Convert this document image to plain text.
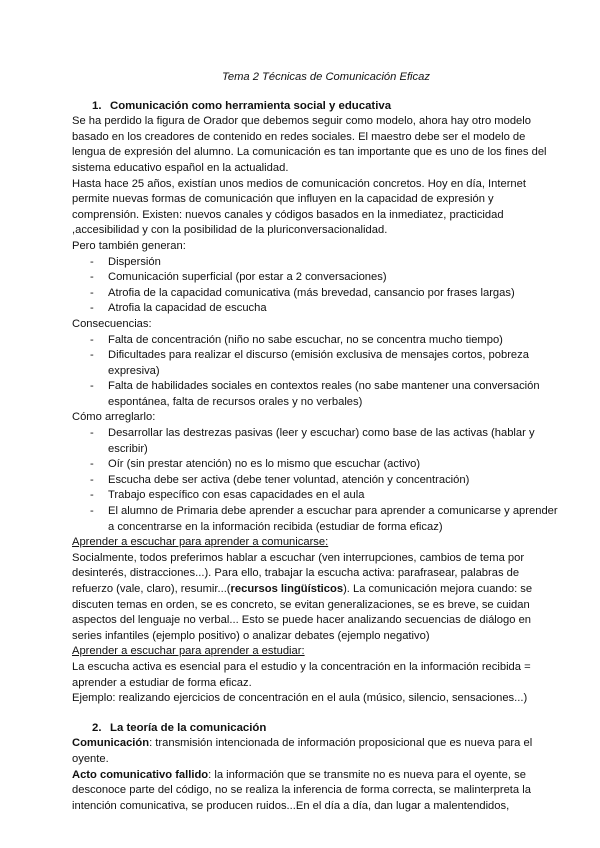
Tema 2 Técnicas de Comunicación Eficaz
1. Comunicación como herramienta social y educativa

Se ha perdido la figura de Orador que debemos seguir como modelo, ahora hay otro modelo basado en los creadores de contenido en redes sociales. El maestro debe ser el modelo de lengua de expresión del alumno. La comunicación es tan importante que es uno de los fines del sistema educativo español en la actualidad.

Hasta hace 25 años, existían unos medios de comunicación concretos. Hoy en día, Internet permite nuevas formas de comunicación que influyen en la capacidad de expresión y comprensión. Existen: nuevos canales y códigos basados en la inmediatez, practicidad ,accesibilidad y con la posibilidad de la pluriconversacionalidad.

Pero también generan:

- Dispersión
- Comunicación superficial (por estar a 2 conversaciones)
- Atrofia de la capacidad comunicativa (más brevedad, cansancio por frases largas)
- Atrofia la capacidad de escucha

Consecuencias:

- Falta de concentración (niño no sabe escuchar, no se concentra mucho tiempo)
- Dificultades para realizar el discurso (emisión exclusiva de mensajes cortos, pobreza expresiva)
- Falta de habilidades sociales en contextos reales (no sabe mantener una conversación espontánea, falta de recursos orales y no verbales)

Cómo arreglarlo:

- Desarrollar las destrezas pasivas (leer y escuchar) como base de las activas (hablar y escribir)
- Oír (sin prestar atención) no es lo mismo que escuchar (activo)
- Escucha debe ser activa (debe tener voluntad, atención y concentración)
- Trabajo específico con esas capacidades en el aula
- El alumno de Primaria debe aprender a escuchar para aprender a comunicarse y aprender a concentrarse en la información recibida (estudiar de forma eficaz)

Aprender a escuchar para aprender a comunicarse:

Socialmente, todos preferimos hablar a escuchar (ven interrupciones, cambios de tema por desinterés, distracciones...). Para ello, trabajar la escucha activa: parafrasear, palabras de refuerzo (vale, claro), resumir...(recursos lingüísticos). La comunicación mejora cuando: se discuten temas en orden, se es concreto, se evitan generalizaciones, se es breve, se cuidan aspectos del lenguaje no verbal... Esto se puede hacer analizando secuencias de diálogo en series infantiles (ejemplo positivo) o analizar debates (ejemplo negativo)

Aprender a escuchar para aprender a estudiar:

La escucha activa es esencial para el estudio y la concentración en la información recibida = aprender a estudiar de forma eficaz.

Ejemplo: realizando ejercicios de concentración en el aula (músico, silencio, sensaciones...)

2. La teoría de la comunicación

Comunicación: transmisión intencionada de información proposicional que es nueva para el oyente.

Acto comunicativo fallido: la información que se transmite no es nueva para el oyente, se desconoce parte del código, no se realiza la inferencia de forma correcta, se malinterpreta la intención comunicativa, se producen ruidos...En el día a día, dan lugar a malentendidos,
